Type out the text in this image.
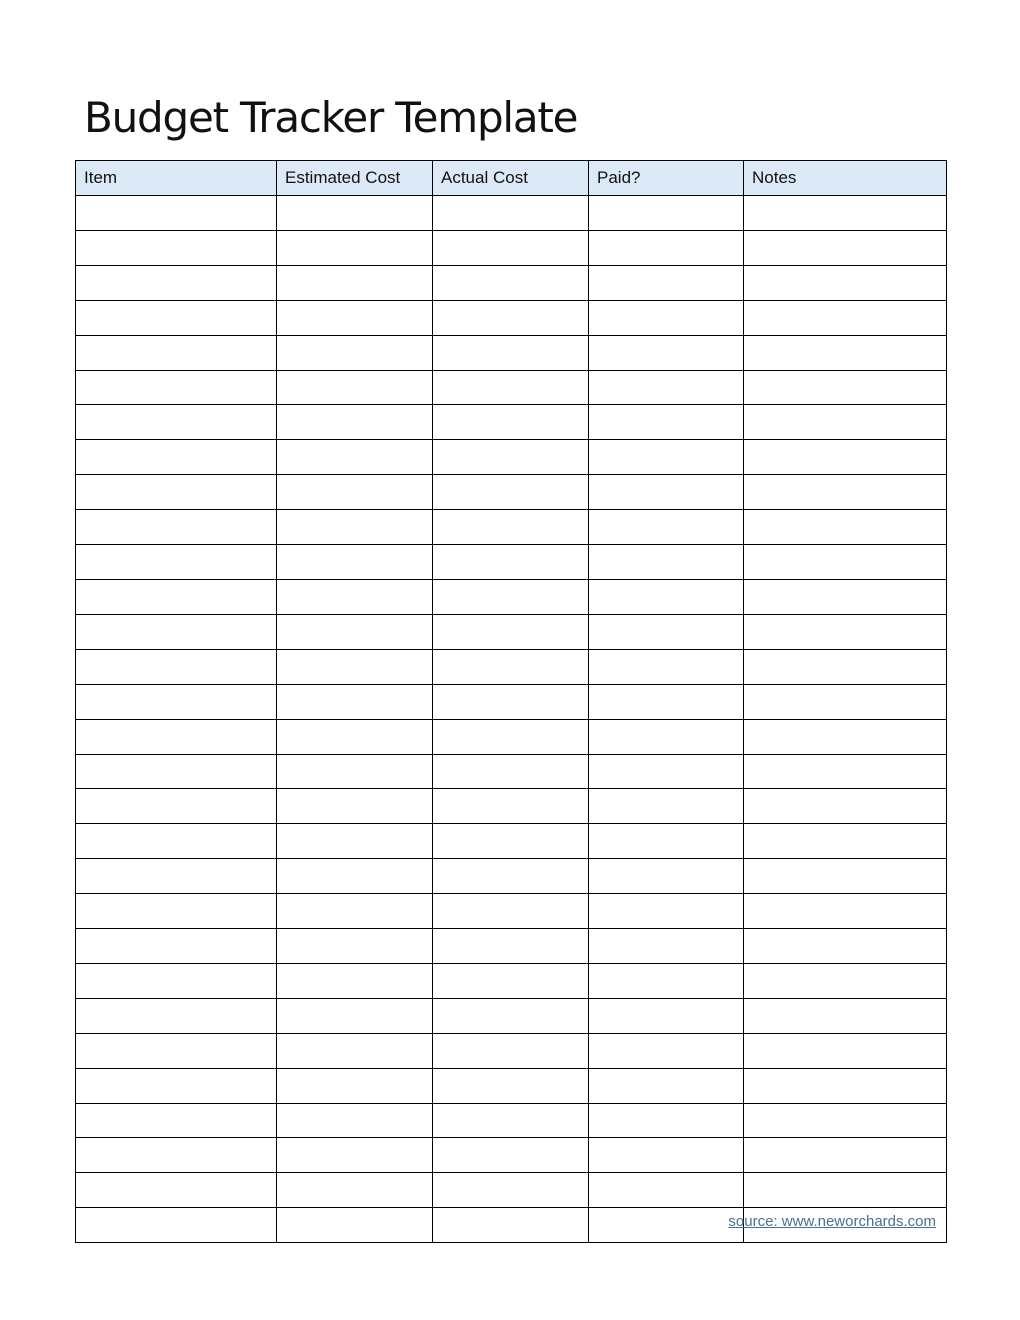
Budget Tracker Template
Item	Estimated Cost	Actual Cost	Paid?	Notes

source: www.neworchards.com
